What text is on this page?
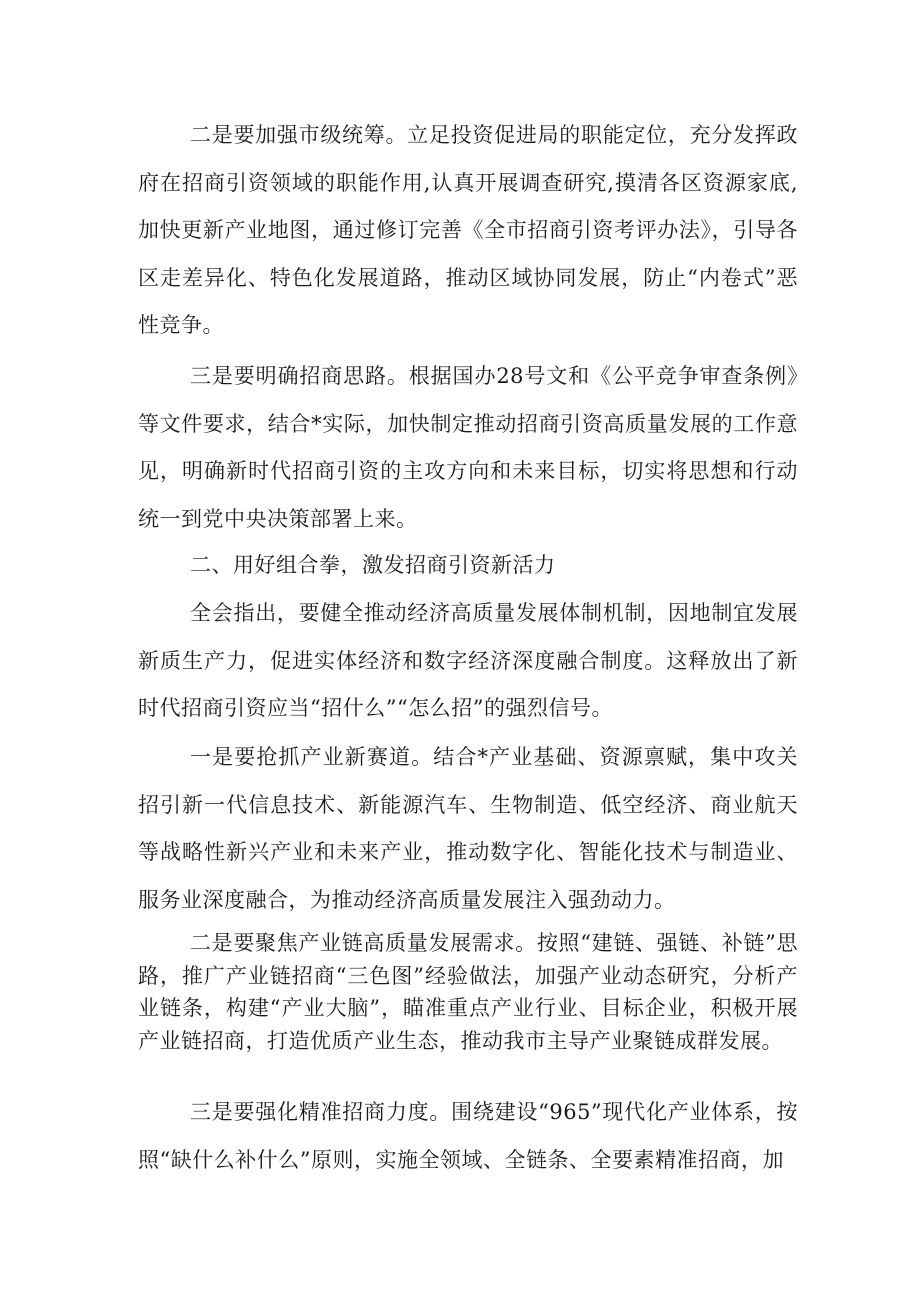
二是要加强市级统筹。立足投资促进局的职能定位，充分发挥政府在招商引资领域的职能作用,认真开展调查研究,摸清各区资源家底,加快更新产业地图，通过修订完善《全市招商引资考评办法》，引导各区走差异化、特色化发展道路，推动区域协同发展，防止“内卷式”恶性竞争。

三是要明确招商思路。根据国办28号文和《公平竞争审查条例》等文件要求，结合*实际，加快制定推动招商引资高质量发展的工作意见，明确新时代招商引资的主攻方向和未来目标，切实将思想和行动统一到党中央决策部署上来。

二、用好组合拳，激发招商引资新活力

全会指出，要健全推动经济高质量发展体制机制，因地制宜发展新质生产力，促进实体经济和数字经济深度融合制度。这释放出了新时代招商引资应当“招什么”“怎么招”的强烈信号。

一是要抢抓产业新赛道。结合*产业基础、资源禀赋，集中攻关招引新一代信息技术、新能源汽车、生物制造、低空经济、商业航天等战略性新兴产业和未来产业，推动数字化、智能化技术与制造业、服务业深度融合，为推动经济高质量发展注入强劲动力。

二是要聚焦产业链高质量发展需求。按照“建链、强链、补链”思路，推广产业链招商“三色图”经验做法，加强产业动态研究，分析产业链条，构建“产业大脑”，瞄准重点产业行业、目标企业，积极开展产业链招商，打造优质产业生态，推动我市主导产业聚链成群发展。

三是要强化精准招商力度。围绕建设“965”现代化产业体系，按照“缺什么补什么”原则，实施全领域、全链条、全要素精准招商，加
